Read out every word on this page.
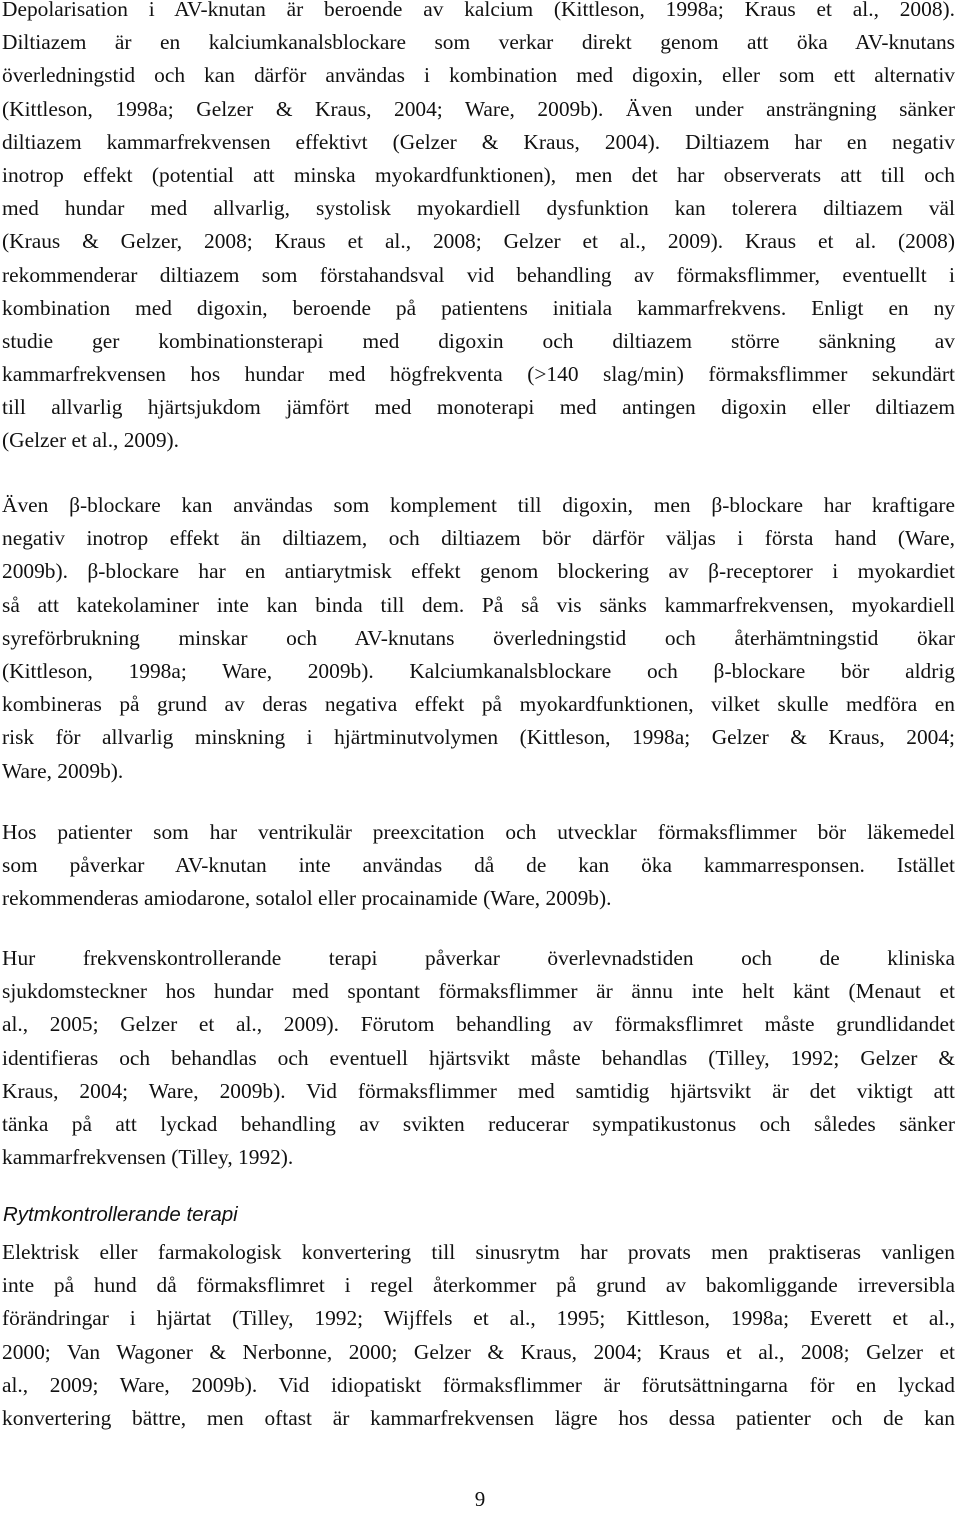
Depolarisation i AV-knutan är beroende av kalcium (Kittleson, 1998a; Kraus et al., 2008).
Diltiazem är en kalciumkanalsblockare som verkar direkt genom att öka AV-knutans
överledningstid och kan därför användas i kombination med digoxin, eller som ett alternativ
(Kittleson, 1998a; Gelzer & Kraus, 2004; Ware, 2009b). Även under ansträngning sänker
diltiazem kammarfrekvensen effektivt (Gelzer & Kraus, 2004). Diltiazem har en negativ
inotrop effekt (potential att minska myokardfunktionen), men det har observerats att till och
med hundar med allvarlig, systolisk myokardiell dysfunktion kan tolerera diltiazem väl
(Kraus & Gelzer, 2008; Kraus et al., 2008; Gelzer et al., 2009). Kraus et al. (2008)
rekommenderar diltiazem som förstahandsval vid behandling av förmaksflimmer, eventuellt i
kombination med digoxin, beroende på patientens initiala kammarfrekvens. Enligt en ny
studie ger kombinationsterapi med digoxin och diltiazem större sänkning av
kammarfrekvensen hos hundar med högfrekventa (>140 slag/min) förmaksflimmer sekundärt
till allvarlig hjärtsjukdom jämfört med monoterapi med antingen digoxin eller diltiazem
(Gelzer et al., 2009).
Även β-blockare kan användas som komplement till digoxin, men β-blockare har kraftigare
negativ inotrop effekt än diltiazem, och diltiazem bör därför väljas i första hand (Ware,
2009b). β-blockare har en antiarytmisk effekt genom blockering av β-receptorer i myokardiet
så att katekolaminer inte kan binda till dem. På så vis sänks kammarfrekvensen, myokardiell
syreförbrukning minskar och AV-knutans överledningstid och återhämtningstid ökar
(Kittleson, 1998a; Ware, 2009b). Kalciumkanalsblockare och β-blockare bör aldrig
kombineras på grund av deras negativa effekt på myokardfunktionen, vilket skulle medföra en
risk för allvarlig minskning i hjärtminutvolymen (Kittleson, 1998a; Gelzer & Kraus, 2004;
Ware, 2009b).
Hos patienter som har ventrikulär preexcitation och utvecklar förmaksflimmer bör läkemedel
som påverkar AV-knutan inte användas då de kan öka kammarresponsen. Istället
rekommenderas amiodarone, sotalol eller procainamide (Ware, 2009b).
Hur frekvenskontrollerande terapi påverkar överlevnadstiden och de kliniska
sjukdomsteckner hos hundar med spontant förmaksflimmer är ännu inte helt känt (Menaut et
al., 2005; Gelzer et al., 2009). Förutom behandling av förmaksflimret måste grundlidandet
identifieras och behandlas och eventuell hjärtsvikt måste behandlas (Tilley, 1992; Gelzer &
Kraus, 2004; Ware, 2009b). Vid förmaksflimmer med samtidig hjärtsvikt är det viktigt att
tänka på att lyckad behandling av svikten reducerar sympatikustonus och således sänker
kammarfrekvensen (Tilley, 1992).
Rytmkontrollerande terapi
Elektrisk eller farmakologisk konvertering till sinusrytm har provats men praktiseras vanligen
inte på hund då förmaksflimret i regel återkommer på grund av bakomliggande irreversibla
förändringar i hjärtat (Tilley, 1992; Wijffels et al., 1995; Kittleson, 1998a; Everett et al.,
2000; Van Wagoner & Nerbonne, 2000; Gelzer & Kraus, 2004; Kraus et al., 2008; Gelzer et
al., 2009; Ware, 2009b). Vid idiopatiskt förmaksflimmer är förutsättningarna för en lyckad
konvertering bättre, men oftast är kammarfrekvensen lägre hos dessa patienter och de kan
9
